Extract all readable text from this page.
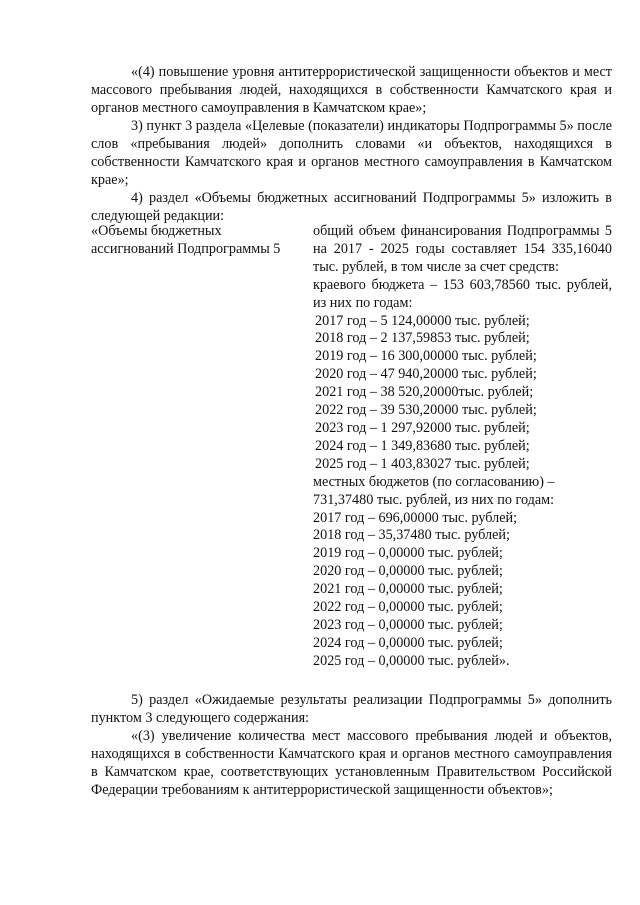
«(4) повышение уровня антитеррористической защищенности объектов и мест массового пребывания людей, находящихся в собственности Камчатского края и органов местного самоуправления в Камчатском крае»;

3) пункт 3 раздела «Целевые (показатели) индикаторы Подпрограммы 5» после слов «пребывания людей» дополнить словами «и объектов, находящихся в собственности Камчатского края и органов местного самоуправления в Камчатском крае»;

4) раздел «Объемы бюджетных ассигнований Подпрограммы 5» изложить в следующей редакции:

«Объемы бюджетных
ассигнований Подпрограммы 5
общий объем финансирования Подпрограммы 5 на 2017 - 2025 годы составляет 154 335,16040 тыс. рублей, в том числе за счет средств:
краевого бюджета – 153 603,78560 тыс. рублей, из них по годам:
2017 год – 5 124,00000 тыс. рублей;
2018 год – 2 137,59853 тыс. рублей;
2019 год – 16 300,00000 тыс. рублей;
2020 год – 47 940,20000 тыс. рублей;
2021 год – 38 520,20000тыс. рублей;
2022 год – 39 530,20000 тыс. рублей;
2023 год – 1 297,92000 тыс. рублей;
2024 год – 1 349,83680 тыс. рублей;
2025 год – 1 403,83027 тыс. рублей;
местных бюджетов (по согласованию) –
731,37480 тыс. рублей, из них по годам:
2017 год – 696,00000 тыс. рублей;
2018 год – 35,37480 тыс. рублей;
2019 год – 0,00000 тыс. рублей;
2020 год – 0,00000 тыс. рублей;
2021 год – 0,00000 тыс. рублей;
2022 год – 0,00000 тыс. рублей;
2023 год – 0,00000 тыс. рублей;
2024 год – 0,00000 тыс. рублей;
2025 год – 0,00000 тыс. рублей».

5) раздел «Ожидаемые результаты реализации Подпрограммы 5» дополнить пунктом 3 следующего содержания:

«(3) увеличение количества мест массового пребывания людей и объектов, находящихся в собственности Камчатского края и органов местного самоуправления в Камчатском крае, соответствующих установленным Правительством Российской Федерации требованиям к антитеррористической защищенности объектов»;
